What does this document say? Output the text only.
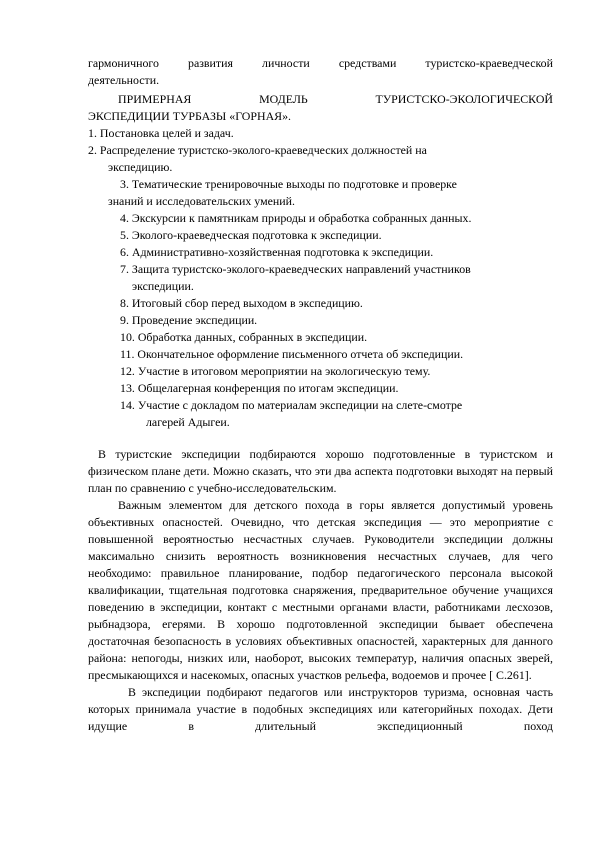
гармоничного развития личности средствами туристско-краеведческой

деятельности.

ПРИМЕРНАЯ МОДЕЛЬ ТУРИСТСКО-ЭКОЛОГИЧЕСКОЙ

ЭКСПЕДИЦИИ ТУРБАЗЫ «ГОРНАЯ».

1. Постановка целей и задач.

2. Распределение туристско-эколого-краеведческих должностей на

экспедицию.

3. Тематические тренировочные выходы по подготовке и проверке

знаний и исследовательских умений.

4. Экскурсии к памятникам природы и обработка собранных данных.

5. Эколого-краеведческая подготовка к экспедиции.

6. Административно-хозяйственная подготовка к экспедиции.

7. Защита туристско-эколого-краеведческих направлений участников

экспедиции.

8. Итоговый сбор перед выходом в экспедицию.

9. Проведение экспедиции.

10. Обработка данных, собранных в экспедиции.

11. Окончательное оформление письменного отчета об экспедиции.

12. Участие в итоговом мероприятии на экологическую тему.

13. Общелагерная конференция по итогам экспедиции.

14. Участие с докладом по материалам экспедиции на слете-смотре

лагерей Адыгеи.

В туристские экспедиции подбираются хорошо подготовленные в туристском и физическом плане дети. Можно сказать, что эти два аспекта подготовки выходят на первый план по сравнению с учебно-исследовательским.

Важным элементом для детского похода в горы является допустимый уровень объективных опасностей. Очевидно, что детская экспедиция — это мероприятие с повышенной вероятностью несчастных случаев. Руководители экспедиции должны максимально снизить вероятность возникновения несчастных случаев, для чего необходимо: правильное планирование, подбор педагогического персонала высокой квалификации, тщательная подготовка снаряжения, предварительное обучение учащихся поведению в экспедиции, контакт с местными органами власти, работниками лесхозов, рыбнадзора, егерями. В хорошо подготовленной экспедиции бывает обеспечена достаточная безопасность в условиях объективных опасностей, характерных для данного района: непогоды, низких или, наоборот, высоких температур, наличия опасных зверей, пресмыкающихся и насекомых, опасных участков рельефа, водоемов и прочее [ С.261].

В экспедиции подбирают педагогов или инструкторов туризма, основная часть которых принимала участие в подобных экспедициях или категорийных походах. Дети идущие в длительный экспедиционный поход
